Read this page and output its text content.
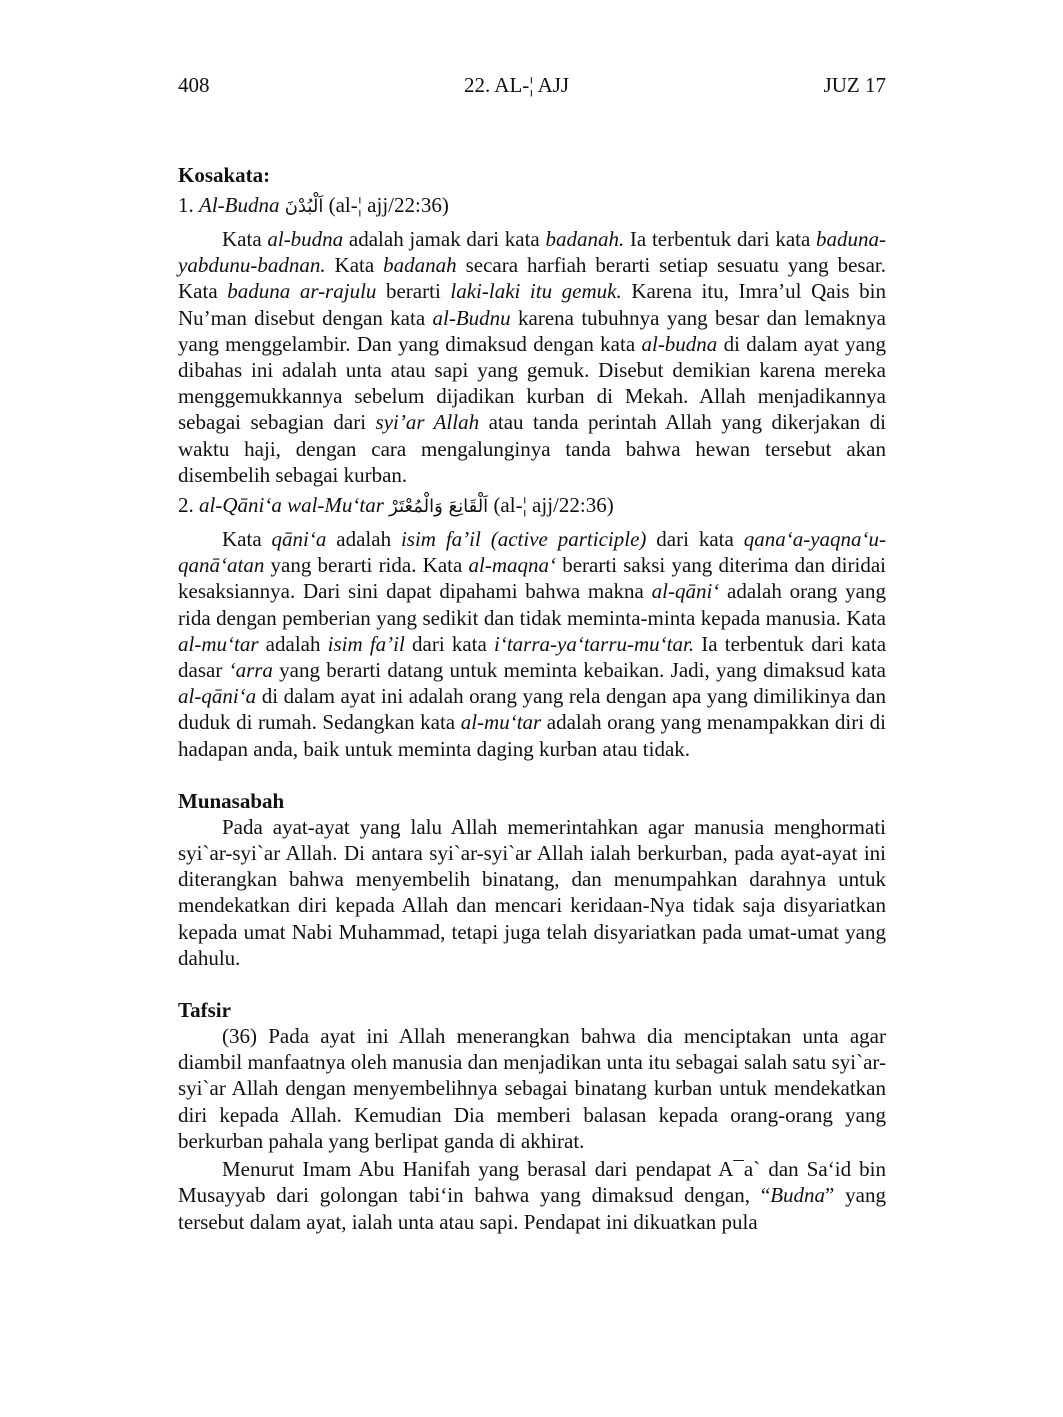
408	22. AL-¦ AJJ	JUZ 17
Kosakata:
1. Al-Budna اَلْبُدْنَ (al-¦ ajj/22:36)

Kata al-budna adalah jamak dari kata badanah. Ia terbentuk dari kata baduna-yabdunu-badnan. Kata badanah secara harfiah berarti setiap sesuatu yang besar. Kata baduna ar-rajulu berarti laki-laki itu gemuk. Karena itu, Imra’ul Qais bin Nu’man disebut dengan kata al-Budnu karena tubuhnya yang besar dan lemaknya yang menggelambir. Dan yang dimaksud dengan kata al-budna di dalam ayat yang dibahas ini adalah unta atau sapi yang gemuk. Disebut demikian karena mereka menggemukkannya sebelum dijadikan kurban di Mekah. Allah menjadikannya sebagai sebagian dari syi’ar Allah atau tanda perintah Allah yang dikerjakan di waktu haji, dengan cara mengalunginya tanda bahwa hewan tersebut akan disembelih sebagai kurban.

2. al-Qāni‘a wal-Mu‘tar اَلْقَانِعَ وَالْمُعْتَرْ (al-¦ ajj/22:36)

Kata qāni‘a adalah isim fa’il (active participle) dari kata qana‘a-yaqna‘u-qanā‘atan yang berarti rida. Kata al-maqna‘ berarti saksi yang diterima dan diridai kesaksiannya. Dari sini dapat dipahami bahwa makna al-qāni‘ adalah orang yang rida dengan pemberian yang sedikit dan tidak meminta-minta kepada manusia. Kata al-mu‘tar adalah isim fa’il dari kata i‘tarra-ya‘tarru-mu‘tar. Ia terbentuk dari kata dasar ‘arra yang berarti datang untuk meminta kebaikan. Jadi, yang dimaksud kata al-qāni‘a di dalam ayat ini adalah orang yang rela dengan apa yang dimilikinya dan duduk di rumah. Sedangkan kata al-mu‘tar adalah orang yang menampakkan diri di hadapan anda, baik untuk meminta daging kurban atau tidak.

Munasabah

Pada ayat-ayat yang lalu Allah memerintahkan agar manusia menghormati syi`ar-syi`ar Allah. Di antara syi`ar-syi`ar Allah ialah berkurban, pada ayat-ayat ini diterangkan bahwa menyembelih binatang, dan menumpahkan darahnya untuk mendekatkan diri kepada Allah dan mencari keridaan-Nya tidak saja disyariatkan kepada umat Nabi Muhammad, tetapi juga telah disyariatkan pada umat-umat yang dahulu.

Tafsir

(36) Pada ayat ini Allah menerangkan bahwa dia menciptakan unta agar diambil manfaatnya oleh manusia dan menjadikan unta itu sebagai salah satu syi`ar-syi`ar Allah dengan menyembelihnya sebagai binatang kurban untuk mendekatkan diri kepada Allah. Kemudian Dia memberi balasan kepada orang-orang yang berkurban pahala yang berlipat ganda di akhirat.

Menurut Imam Abu Hanifah yang berasal dari pendapat A¯a` dan Sa‘id bin Musayyab dari golongan tabi‘in bahwa yang dimaksud dengan, “Budna” yang tersebut dalam ayat, ialah unta atau sapi. Pendapat ini dikuatkan pula
